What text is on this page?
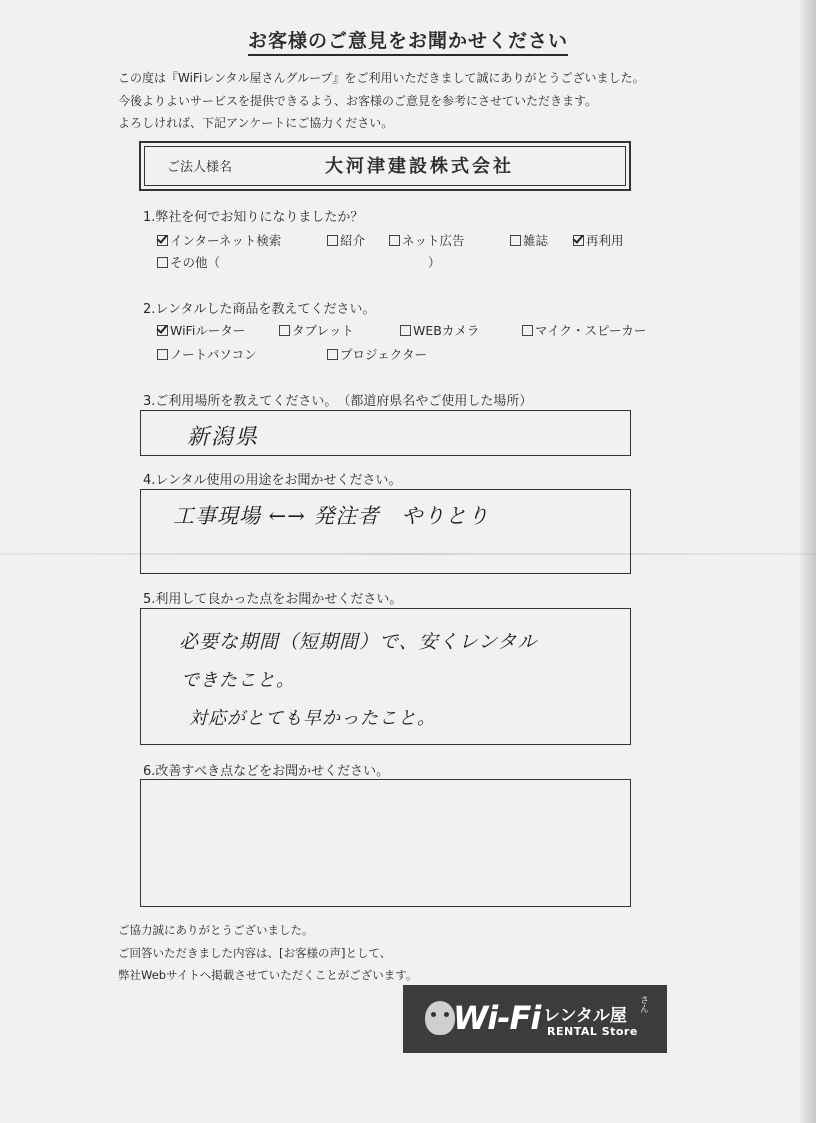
お客様のご意見をお聞かせください
この度は『WiFiレンタル屋さんグループ』をご利用いただきまして誠にありがとうございました。
今後よりよいサービスを提供できるよう、お客様のご意見を参考にさせていただきます。
よろしければ、下記アンケートにご協力ください。
ご法人様名	大河津建設株式会社
1.弊社を何でお知りになりましたか？
インターネット検索	紹介	ネット広告	雑誌	再利用
その他（	）
2.レンタルした商品を教えてください。
WiFiルーター	タブレット	WEBカメラ	マイク・スピーカー
ノートパソコン	プロジェクター
3.ご利用場所を教えてください。　（都道府県名やご使用した場所）
新潟県
4.レンタル使用の用途をお聞かせください。
工事現場 ←→ 発注者　やりとり
5.利用して良かった点をお聞かせください。
必要な期間（短期間）で、安くレンタル
できたこと。
対応がとても早かったこと。
6.改善すべき点などをお聞かせください。
ご協力誠にありがとうございました。
ご回答いただきました内容は、[お客様の声]として、
弊社Webサイトへ掲載させていただくことがございます。
Wi-Fi レンタル屋
さん
RENTAL Store
